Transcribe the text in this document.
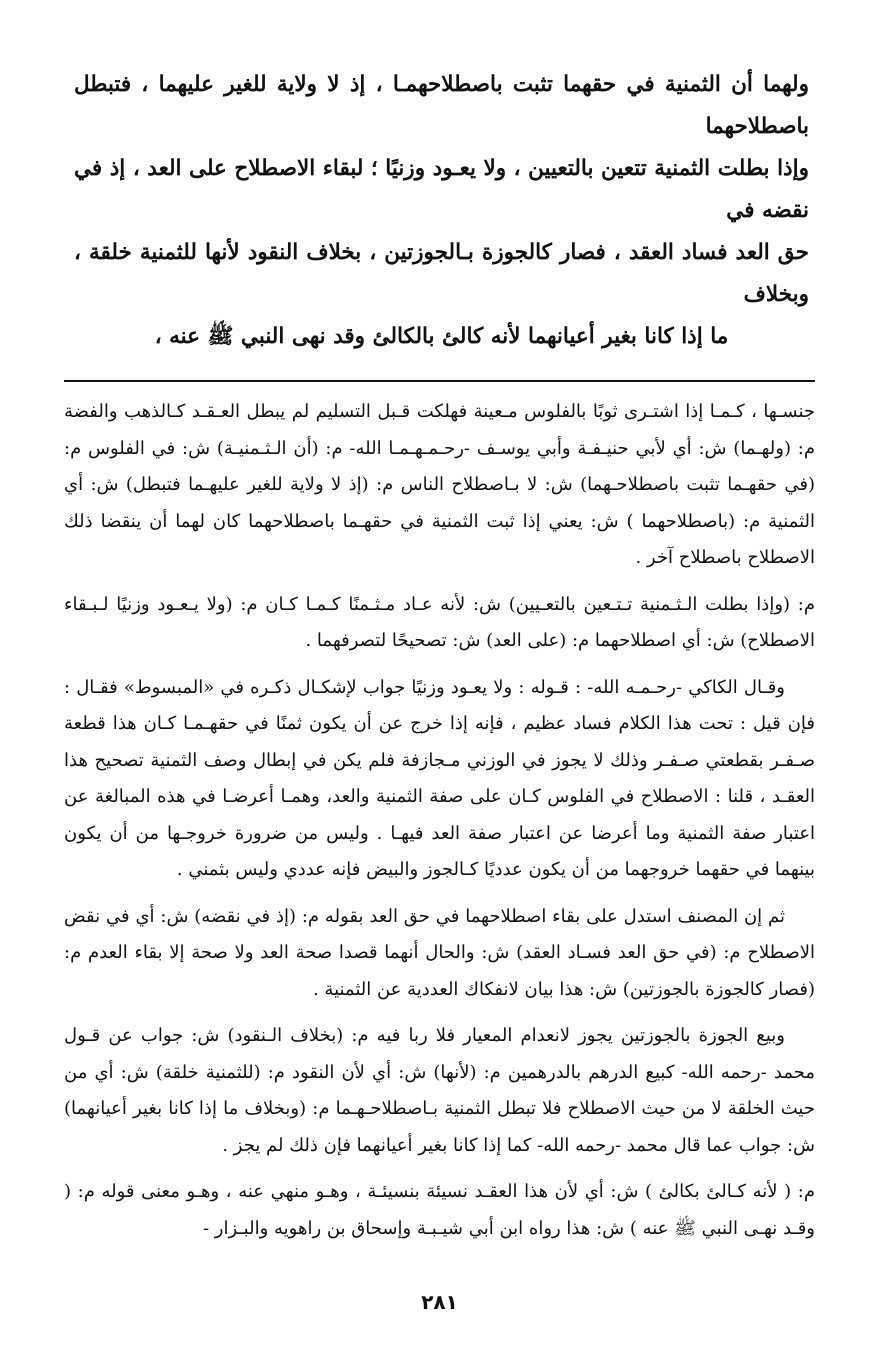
ولهما أن الثمنية في حقهما تثبت باصطلاحهمـا ، إذ لا ولاية للغير عليهما ، فتبطل باصطلاحهما

وإذا بطلت الثمنية تتعين بالتعيين ، ولا يعـود وزنيًا ؛ لبقاء الاصطلاح على العد ، إذ في نقضه في

حق العد فساد العقد ، فصار كالجوزة بـالجوزتين ، بخلاف النقود لأنها للثمنية خلقة ، وبخلاف

ما إذا كانا بغير أعيانهما لأنه كالئ بالكالئ وقد نهى النبي ﷺ عنه ،

جنسـها ، كـمـا إذا اشتـرى ثوبًا بالفلوس مـعينة فهلكت قـبل التسليم لم يبطل العـقـد كـالذهب والفضة م: (ولهـما) ش: أي لأبي حنيـفـة وأبي يوسـف -رحـمـهـمـا الله- م: (أن الـثـمنيـة) ش: في الفلوس م: (في حقهـما تثبت باصطلاحـهما) ش: لا بـاصطلاح الناس م: (إذ لا ولاية للغير عليهـما فتبطل) ش: أي الثمنية م: (باصطلاحهما ) ش: يعني إذا ثبت الثمنية في حقهـما باصطلاحهما كان لهما أن ينقضا ذلك الاصطلاح باصطلاح آخر .

م: (وإذا بطلت الـثـمنية تـتـعين بالتعـيين) ش: لأنه عـاد مـثـمنًا كـمـا كـان م: (ولا يـعـود وزنيًا لـبـقاء الاصطلاح) ش: أي اصطلاحهما م: (على العد) ش: تصحيحًا لتصرفهما .

وقـال الكاكي -رحـمـه الله- : قـوله : ولا يعـود وزنيًا جواب لإشكـال ذكـره في «المبسوط» فقـال : فإن قيل : تحت هذا الكلام فساد عظيم ، فإنه إذا خرج عن أن يكون ثمنًا في حقهـمـا كـان هذا قطعة صـفـر بقطعتي صـفـر وذلك لا يجوز في الوزني مـجازفة فلم يكن في إبطال وصف الثمنية تصحيح هذا العقـد ، قلنا : الاصطلاح في الفلوس كـان على صفة الثمنية والعد، وهمـا أعرضـا في هذه المبالغة عن اعتبار صفة الثمنية وما أعرضا عن اعتبار صفة العد فيهـا . وليس من ضرورة خروجـها من أن يكون بينهما في حقهما خروجهما من أن يكون عدديًا كـالجوز والبيض فإنه عددي وليس بثمني .

ثم إن المصنف استدل على بقاء اصطلاحهما في حق العد بقوله م: (إذ في نقضه) ش: أي في نقض الاصطلاح م: (في حق العد فسـاد العقد) ش: والحال أنهما قصدا صحة العد ولا صحة إلا بقاء العدم م: (فصار كالجوزة بالجوزتين) ش: هذا بيان لانفكاك العددية عن الثمنية .

وبيع الجوزة بالجوزتين يجوز لانعدام المعيار فلا ربا فيه م: (بخلاف الـنقود) ش: جواب عن قـول محمد -رحمه الله- كبيع الدرهم بالدرهمين م: (لأنها) ش: أي لأن النقود م: (للثمنية خلقة) ش: أي من حيث الخلقة لا من حيث الاصطلاح فلا تبطل الثمنية بـاصطلاحـهـما م: (وبخلاف ما إذا كانا بغير أعيانهما) ش: جواب عما قال محمد -رحمه الله- كما إذا كانا بغير أعيانهما فإن ذلك لم يجز .

م: ( لأنه كـالئ بكالئ ) ش: أي لأن هذا العقـد نسيئة بنسيئـة ، وهـو منهي عنه ، وهـو معنى قوله م: ( وقـد نهـى النبي ﷺ عنه ) ش: هذا رواه ابن أبي شيـبـة وإسحاق بن راهويه والبـزار -

٢٨١
